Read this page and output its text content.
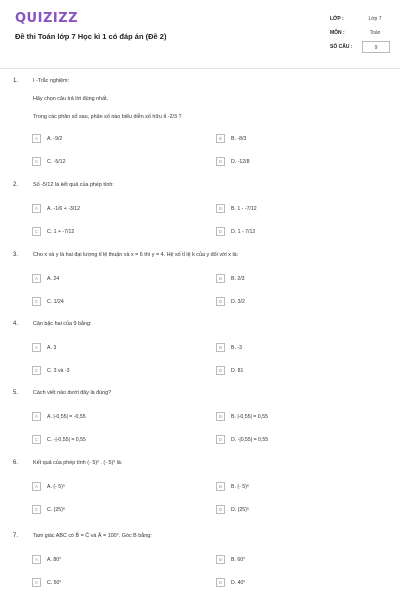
QUIZIZZ
Đề thi Toán lớp 7 Học kì 1 có đáp án (Đề 2)
LỚP :	Lớp 7
MÔN :	Toán
SỐ CÂU :	9
1.	I -Trắc nghiệm:
Hãy chọn câu trả lời đúng nhất.
Trong các phân số sau, phân số nào biểu diễn số hữu tỉ -2/3 ?
A	A. -9/2	B	B. -8/3
C	C. -5/12	D	D. -12/8
2.	Số -5/12 là kết quả của phép tính:
A	A. -1/6 + -3/12	B	B. 1 - -7/12
C	C. 1 + -7/12	D	D. 1 - 7/12
3.	Cho x và y là hai đại lượng tỉ lệ thuận và x = 6 thì y = 4. Hệ số tỉ lệ k của y đối với x là:
A	A. 24	B	B. 2/3
C	C. 1/24	D	D. 3/2
4.	Căn bậc hai của 9 bằng:
A	A. 3	B	B. -3
C	C. 3 và -3	D	D. 81
5.	Cách viết nào dưới đây là đúng?
A	A. |-0,55| = -0,55	B	B. |-0,55| = 0,55
C	C. -|-0,55| = 0,55	D	D. -|0,55| = 0,55
6.	Kết quả của phép tính (- 5)² . (- 5)³ là:
A	A. (- 5)⁵	B	B. (- 5)⁶
C	C. (25)⁶	D	D. (25)⁵
7.	Tam giác ABC có B̂ = Ĉ và Â = 100°. Góc B bằng:
A	A. 80°	B	B. 60°
C	C. 50°	D	D. 40°
